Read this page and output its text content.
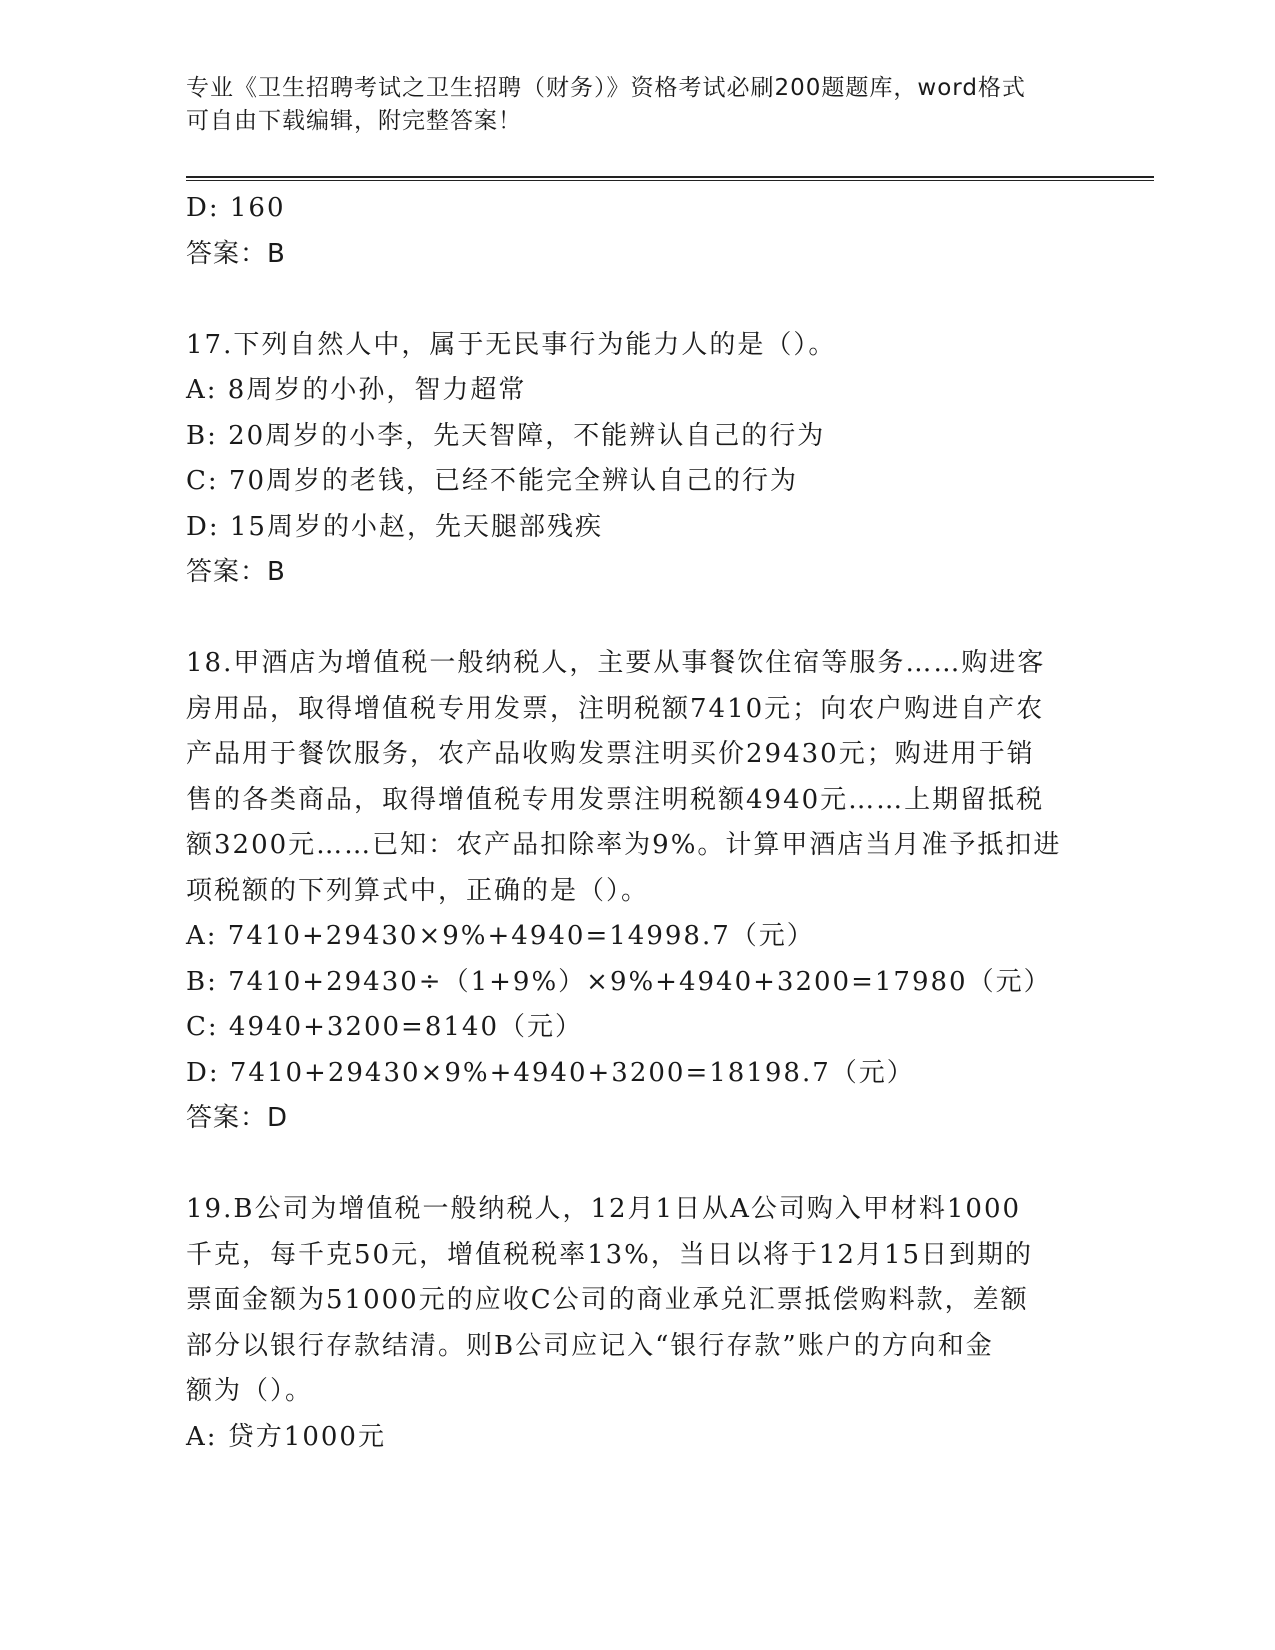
专业《卫生招聘考试之卫生招聘（财务）》资格考试必刷200题题库，word格式
可自由下载编辑，附完整答案！
D: 160
答案：B
17.下列自然人中，属于无民事行为能力人的是（）。
A: 8周岁的小孙，智力超常
B: 20周岁的小李，先天智障，不能辨认自己的行为
C: 70周岁的老钱，已经不能完全辨认自己的行为
D: 15周岁的小赵，先天腿部残疾
答案：B
18.甲酒店为增值税一般纳税人，主要从事餐饮住宿等服务……购进客
房用品，取得增值税专用发票，注明税额7410元；向农户购进自产农
产品用于餐饮服务，农产品收购发票注明买价29430元；购进用于销
售的各类商品，取得增值税专用发票注明税额4940元……上期留抵税
额3200元……已知：农产品扣除率为9%。计算甲酒店当月准予抵扣进
项税额的下列算式中，正确的是（）。
A: 7410+29430×9%+4940=14998.7（元）
B: 7410+29430÷（1+9%）×9%+4940+3200=17980（元）
C: 4940+3200=8140（元）
D: 7410+29430×9%+4940+3200=18198.7（元）
答案：D
19.B公司为增值税一般纳税人，12月1日从A公司购入甲材料1000
千克，每千克50元，增值税税率13%，当日以将于12月15日到期的
票面金额为51000元的应收C公司的商业承兑汇票抵偿购料款，差额
部分以银行存款结清。则B公司应记入“银行存款”账户的方向和金
额为（）。
A: 贷方1000元
